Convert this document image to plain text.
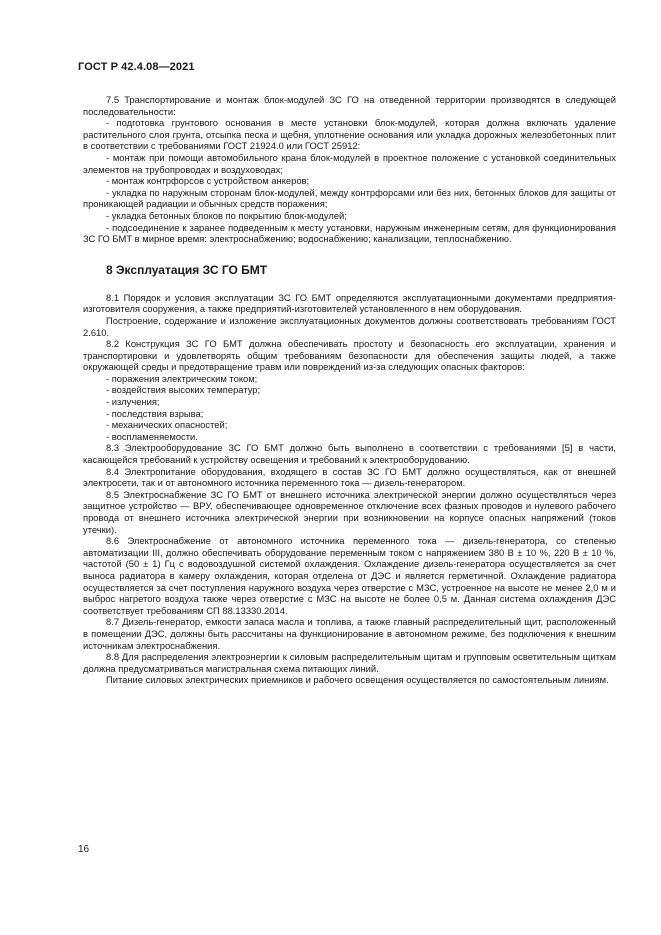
ГОСТ Р 42.4.08—2021

7.5 Транспортирование и монтаж блок-модулей ЗС ГО на отведенной территории производятся в следующей последовательности:

- подготовка грунтового основания в месте установки блок-модулей, которая должна включать удаление растительного слоя грунта, отсыпка песка и щебня, уплотнение основания или укладка дорожных железобетонных плит в соответствии с требованиями ГОСТ 21924.0 или ГОСТ 25912:

- монтаж при помощи автомобильного крана блок-модулей в проектное положение с установкой соединительных элементов на трубопроводах и воздуховодах;

- монтаж контрфорсов с устройством анкеров;

- укладка по наружным сторонам блок-модулей, между контрфорсами или без них, бетонных блоков для защиты от проникающей радиации и обычных средств поражения;

- укладка бетонных блоков по покрытию блок-модулей;

- подсоединение к заранее подведенным к месту установки, наружным инженерным сетям, для функционирования ЗС ГО БМТ в мирное время: электроснабжению; водоснабжению; канализации, теплоснабжению.

8 Эксплуатация ЗС ГО БМТ

8.1 Порядок и условия эксплуатации ЗС ГО БМТ определяются эксплуатационными документами предприятия-изготовителя сооружения, а также предприятий-изготовителей установленного в нем оборудования.

Построение, содержание и изложение эксплуатационных документов должны соответствовать требованиям ГОСТ 2.610.

8.2 Конструкция ЗС ГО БМТ должна обеспечивать простоту и безопасность его эксплуатации, хранения и транспортировки и удовлетворять общим требованиям безопасности для обеспечения защиты людей, а также окружающей среды и предотвращение травм или повреждений из-за следующих опасных факторов:

- поражения электрическим током;

- воздействия высоких температур;

- излучения;

- последствия взрыва;

- механических опасностей;

- воспламеняемости.

8.3 Электрооборудование ЗС ГО БМТ должно быть выполнено в соответствии с требованиями [5] в части, касающейся требований к устройству освещения и требований к электрооборудованию.

8.4 Электропитание оборудования, входящего в состав ЗС ГО БМТ должно осуществляться, как от внешней электросети, так и от автономного источника переменного тока — дизель-генератором.

8.5 Электроснабжение ЗС ГО БМТ от внешнего источника электрической энергии должно осуществляться через защитное устройство — ВРУ, обеспечивающее одновременное отключение всех фазных проводов и нулевого рабочего провода от внешнего источника электрической энергии при возникновении на корпусе опасных напряжений (токов утечки).

8.6 Электроснабжение от автономного источника переменного тока — дизель-генератора, со степенью автоматизации III, должно обеспечивать оборудование переменным током с напряжением 380 В ± 10 %, 220 В ± 10 %, частотой (50 ± 1) Гц с водовоздушной системой охлаждения. Охлаждение дизель-генератора осуществляется за счет выноса радиатора в камеру охлаждения, которая отделена от ДЭС и является герметичной. Охлаждение радиатора осуществляется за счет поступления наружного воздуха через отверстие с МЗС, устроенное на высоте не менее 2,0 м и выброс нагретого воздуха также через отверстие с МЗС на высоте не более 0,5 м. Данная система охлаждения ДЭС соответствует требованиям СП 88.13330.2014.

8.7 Дизель-генератор, емкости запаса масла и топлива, а также главный распределительный щит, расположенный в помещении ДЭС, должны быть рассчитаны на функционирование в автономном режиме, без подключения к внешним источникам электроснабжения.

8.8 Для распределения электроэнергии к силовым распределительным щитам и групповым осветительным щиткам должна предусматриваться магистральная схема питающих линий.

Питание силовых электрических приемников и рабочего освещения осуществляется по самостоятельным линиям.

16
